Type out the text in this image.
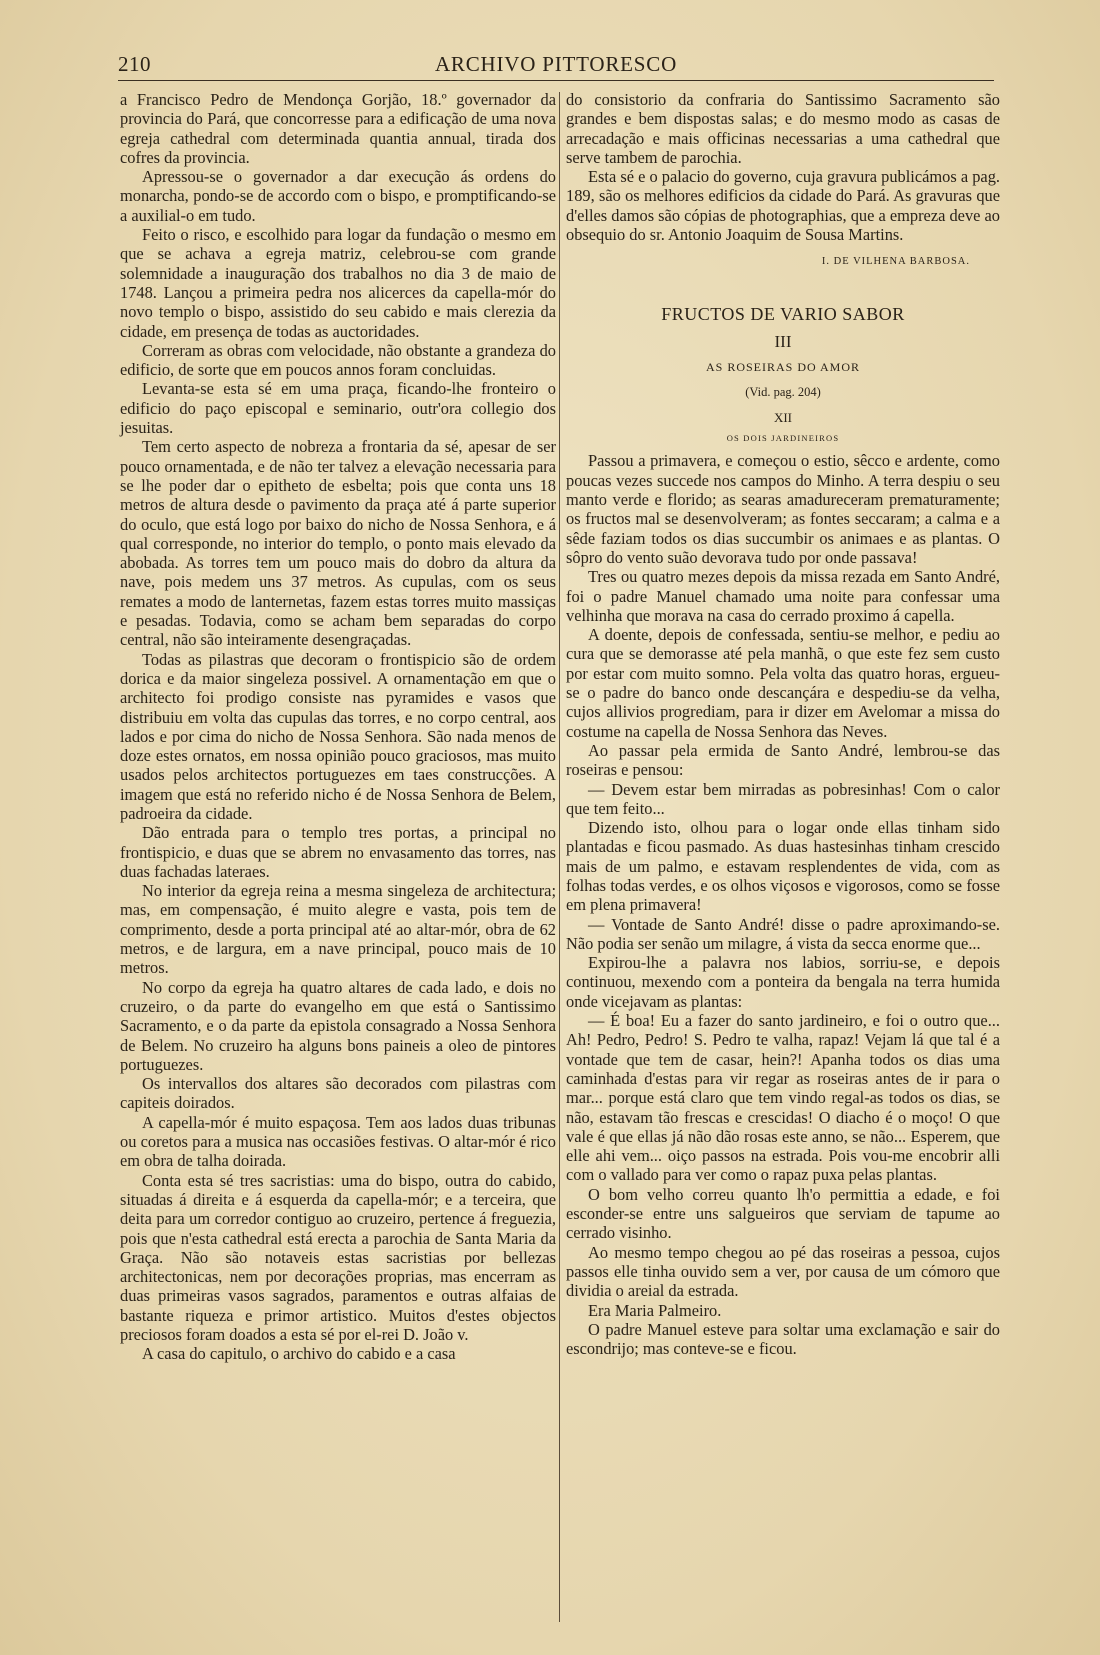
210	ARCHIVO PITTORESCO

a Francisco Pedro de Mendonça Gorjão, 18.º governador da provincia do Pará, que concorresse para a edificação de uma nova egreja cathedral com determinada quantia annual, tirada dos cofres da provincia.

Apressou-se o governador a dar execução ás ordens do monarcha, pondo-se de accordo com o bispo, e promptificando-se a auxilial-o em tudo.

Feito o risco, e escolhido para logar da fundação o mesmo em que se achava a egreja matriz, celebrou-se com grande solemnidade a inauguração dos trabalhos no dia 3 de maio de 1748. Lançou a primeira pedra nos alicerces da capella-mór do novo templo o bispo, assistido do seu cabido e mais clerezia da cidade, em presença de todas as auctoridades.

Correram as obras com velocidade, não obstante a grandeza do edificio, de sorte que em poucos annos foram concluidas.

Levanta-se esta sé em uma praça, ficando-lhe fronteiro o edificio do paço episcopal e seminario, outr'ora collegio dos jesuitas.

Tem certo aspecto de nobreza a frontaria da sé, apesar de ser pouco ornamentada, e de não ter talvez a elevação necessaria para se lhe poder dar o epitheto de esbelta; pois que conta uns 18 metros de altura desde o pavimento da praça até á parte superior do oculo, que está logo por baixo do nicho de Nossa Senhora, e á qual corresponde, no interior do templo, o ponto mais elevado da abobada. As torres tem um pouco mais do dobro da altura da nave, pois medem uns 37 metros. As cupulas, com os seus remates a modo de lanternetas, fazem estas torres muito massiças e pesadas. Todavia, como se acham bem separadas do corpo central, não são inteiramente desengraçadas.

Todas as pilastras que decoram o frontispicio são de ordem dorica e da maior singeleza possivel. A ornamentação em que o architecto foi prodigo consiste nas pyramides e vasos que distribuiu em volta das cupulas das torres, e no corpo central, aos lados e por cima do nicho de Nossa Senhora. São nada menos de doze estes ornatos, em nossa opinião pouco graciosos, mas muito usados pelos architectos portuguezes em taes construcções. A imagem que está no referido nicho é de Nossa Senhora de Belem, padroeira da cidade.

Dão entrada para o templo tres portas, a principal no frontispicio, e duas que se abrem no envasamento das torres, nas duas fachadas lateraes.

No interior da egreja reina a mesma singeleza de architectura; mas, em compensação, é muito alegre e vasta, pois tem de comprimento, desde a porta principal até ao altar-mór, obra de 62 metros, e de largura, em a nave principal, pouco mais de 10 metros.

No corpo da egreja ha quatro altares de cada lado, e dois no cruzeiro, o da parte do evangelho em que está o Santissimo Sacramento, e o da parte da epistola consagrado a Nossa Senhora de Belem. No cruzeiro ha alguns bons paineis a oleo de pintores portuguezes.

Os intervallos dos altares são decorados com pilastras com capiteis doirados.

A capella-mór é muito espaçosa. Tem aos lados duas tribunas ou coretos para a musica nas occasiões festivas. O altar-mór é rico em obra de talha doirada.

Conta esta sé tres sacristias: uma do bispo, outra do cabido, situadas á direita e á esquerda da capella-mór; e a terceira, que deita para um corredor contiguo ao cruzeiro, pertence á freguezia, pois que n'esta cathedral está erecta a parochia de Santa Maria da Graça. Não são notaveis estas sacristias por bellezas architectonicas, nem por decorações proprias, mas encerram as duas primeiras vasos sagrados, paramentos e outras alfaias de bastante riqueza e primor artistico. Muitos d'estes objectos preciosos foram doados a esta sé por el-rei D. João v.

A casa do capitulo, o archivo do cabido e a casa

do consistorio da confraria do Santissimo Sacramento são grandes e bem dispostas salas; e do mesmo modo as casas de arrecadação e mais officinas necessarias a uma cathedral que serve tambem de parochia.

Esta sé e o palacio do governo, cuja gravura publicámos a pag. 189, são os melhores edificios da cidade do Pará. As gravuras que d'elles damos são cópias de photographias, que a empreza deve ao obsequio do sr. Antonio Joaquim de Sousa Martins.

I. DE VILHENA BARBOSA.
FRUCTOS DE VARIO SABOR
III
AS ROSEIRAS DO AMOR
(Vid. pag. 204)
XII
OS DOIS JARDINEIROS

Passou a primavera, e começou o estio, sêcco e ardente, como poucas vezes succede nos campos do Minho. A terra despiu o seu manto verde e florido; as searas amadureceram prematuramente; os fructos mal se desenvolveram; as fontes seccaram; a calma e a sêde faziam todos os dias succumbir os animaes e as plantas. O sôpro do vento suão devorava tudo por onde passava!

Tres ou quatro mezes depois da missa rezada em Santo André, foi o padre Manuel chamado uma noite para confessar uma velhinha que morava na casa do cerrado proximo á capella.

A doente, depois de confessada, sentiu-se melhor, e pediu ao cura que se demorasse até pela manhã, o que este fez sem custo por estar com muito somno. Pela volta das quatro horas, ergueu-se o padre do banco onde descançára e despediu-se da velha, cujos allivios progrediam, para ir dizer em Avelomar a missa do costume na capella de Nossa Senhora das Neves.

Ao passar pela ermida de Santo André, lembrou-se das roseiras e pensou:

— Devem estar bem mirradas as pobresinhas! Com o calor que tem feito...

Dizendo isto, olhou para o logar onde ellas tinham sido plantadas e ficou pasmado. As duas hastesinhas tinham crescido mais de um palmo, e estavam resplendentes de vida, com as folhas todas verdes, e os olhos viçosos e vigorosos, como se fosse em plena primavera!

— Vontade de Santo André! disse o padre aproximando-se. Não podia ser senão um milagre, á vista da secca enorme que...

Expirou-lhe a palavra nos labios, sorriu-se, e depois continuou, mexendo com a ponteira da bengala na terra humida onde vicejavam as plantas:

— É boa! Eu a fazer do santo jardineiro, e foi o outro que... Ah! Pedro, Pedro! S. Pedro te valha, rapaz! Vejam lá que tal é a vontade que tem de casar, hein?! Apanha todos os dias uma caminhada d'estas para vir regar as roseiras antes de ir para o mar... porque está claro que tem vindo regal-as todos os dias, se não, estavam tão frescas e crescidas! O diacho é o moço! O que vale é que ellas já não dão rosas este anno, se não... Esperem, que elle ahi vem... oiço passos na estrada. Pois vou-me encobrir alli com o vallado para ver como o rapaz puxa pelas plantas.

O bom velho correu quanto lh'o permittia a edade, e foi esconder-se entre uns salgueiros que serviam de tapume ao cerrado visinho.

Ao mesmo tempo chegou ao pé das roseiras a pessoa, cujos passos elle tinha ouvido sem a ver, por causa de um cómoro que dividia o areial da estrada.

Era Maria Palmeiro.

O padre Manuel esteve para soltar uma exclamação e sair do escondrijo; mas conteve-se e ficou.
